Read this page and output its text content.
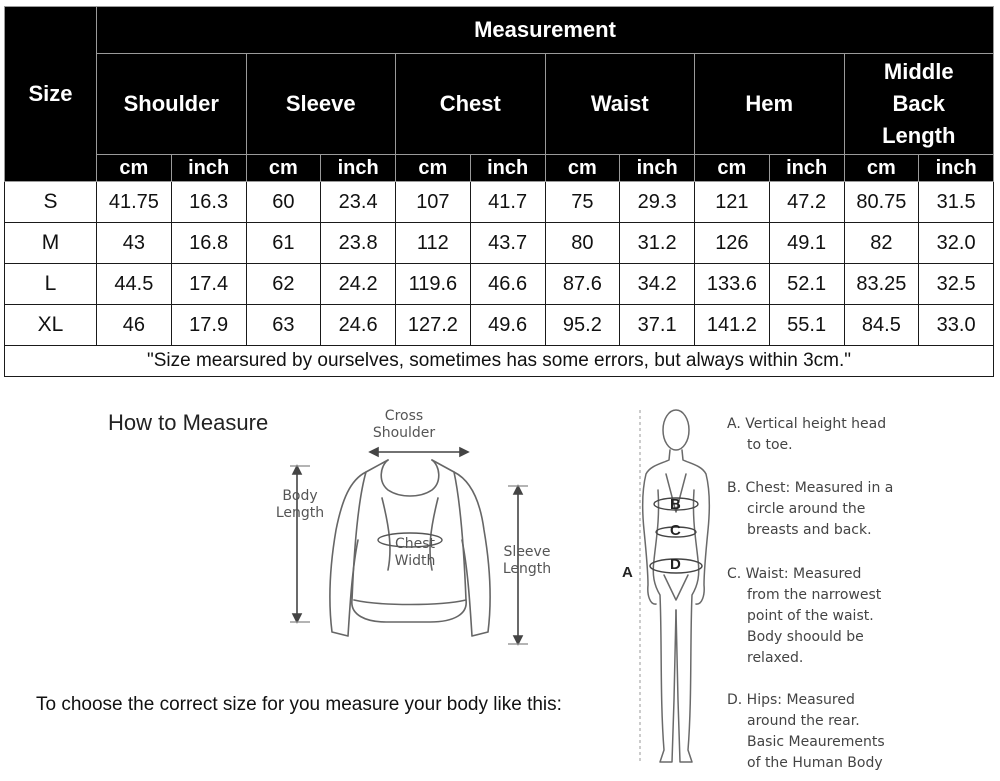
Size	Measurement											
	Shoulder		Sleeve		Chest		Waist		Hem		Middle Back Length	
	cm	inch	cm	inch	cm	inch	cm	inch	cm	inch	cm	inch
S	41.75	16.3	60	23.4	107	41.7	75	29.3	121	47.2	80.75	31.5
M	43	16.8	61	23.8	112	43.7	80	31.2	126	49.1	82	32.0
L	44.5	17.4	62	24.2	119.6	46.6	87.6	34.2	133.6	52.1	83.25	32.5
XL	46	17.9	63	24.6	127.2	49.6	95.2	37.1	141.2	55.1	84.5	33.0
"Size mearsured by ourselves, sometimes has some errors, but always within 3cm."												
How to Measure	Cross Shoulder
Body Length
Chest Width
Sleeve Length
To choose the correct size for you measure your body like this:
B
C
D
A
A. Vertical height head
to toe.
B. Chest: Measured in a
circle around the
breasts and back.
C. Waist: Measured
from the narrowest
point of the waist.
Body shoould be
relaxed.
D. Hips: Measured
around the rear.
Basic Meaurements
of the Human Body
